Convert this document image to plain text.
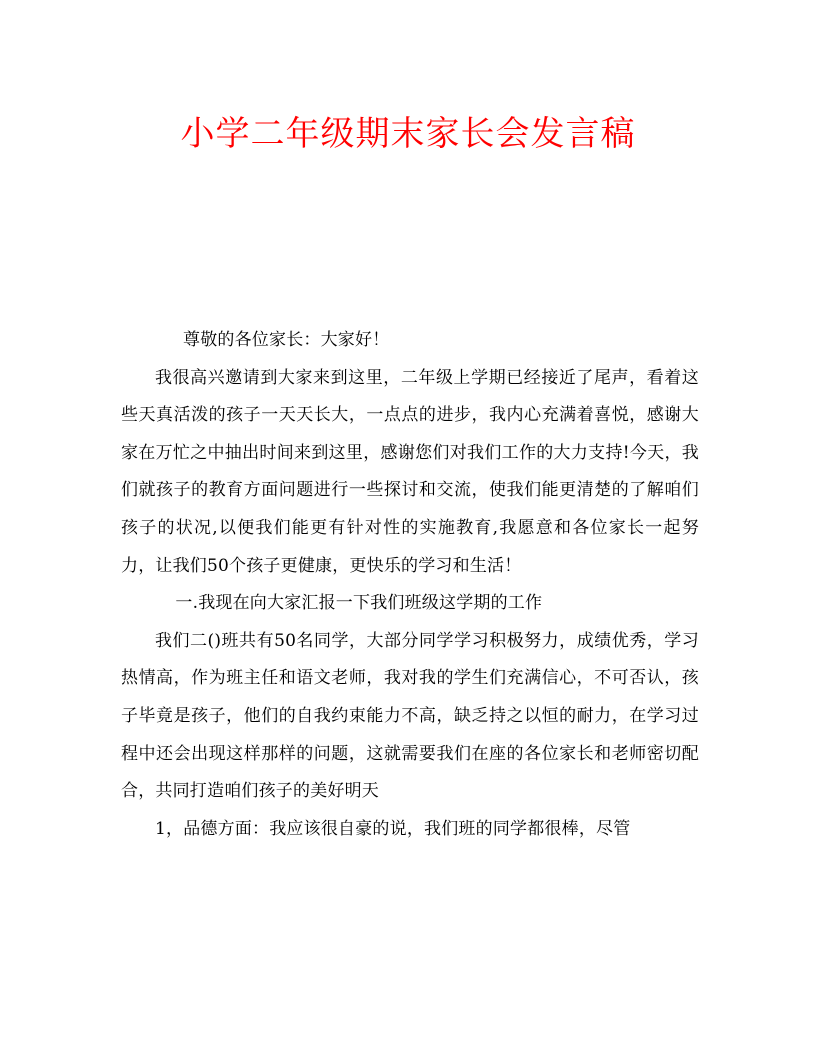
小学二年级期末家长会发言稿

尊敬的各位家长：大家好！

我很高兴邀请到大家来到这里，二年级上学期已经接近了尾声，看着这些天真活泼的孩子一天天长大，一点点的进步，我内心充满着喜悦，感谢大家在万忙之中抽出时间来到这里，感谢您们对我们工作的大力支持!今天，我们就孩子的教育方面问题进行一些探讨和交流，使我们能更清楚的了解咱们孩子的状况,以便我们能更有针对性的实施教育,我愿意和各位家长一起努力，让我们50个孩子更健康，更快乐的学习和生活！

一.我现在向大家汇报一下我们班级这学期的工作

我们二()班共有50名同学，大部分同学学习积极努力，成绩优秀，学习热情高，作为班主任和语文老师，我对我的学生们充满信心，不可否认，孩子毕竟是孩子，他们的自我约束能力不高，缺乏持之以恒的耐力，在学习过程中还会出现这样那样的问题，这就需要我们在座的各位家长和老师密切配合，共同打造咱们孩子的美好明天

1，品德方面：我应该很自豪的说，我们班的同学都很棒，尽管
